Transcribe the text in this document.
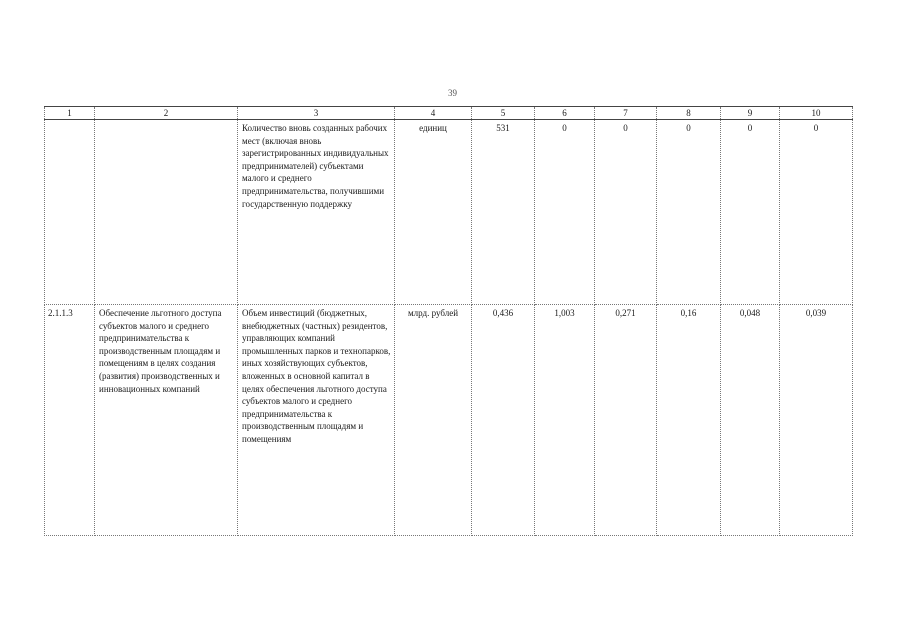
39
1	2	3	4	5	6	7	8	9	10
		Количество вновь созданных рабочих мест (включая вновь зарегистрированных индивидуальных предпринимателей) субъектами малого и среднего предпринимательства, получившими государственную поддержку	единиц	531	0	0	0	0	0
2.1.1.3	Обеспечение льготного доступа субъектов малого и среднего предпринимательства к производственным площадям и помещениям в целях создания (развития) производственных и инновационных компаний	Объем инвестиций (бюджетных, внебюджетных (частных) резидентов, управляющих компаний промышленных парков и технопарков, иных хозяйствующих субъектов, вложенных в основной капитал в целях обеспечения льготного доступа субъектов малого и среднего предпринимательства к производственным площадям и помещениям	млрд. рублей	0,436	1,003	0,271	0,16	0,048	0,039
